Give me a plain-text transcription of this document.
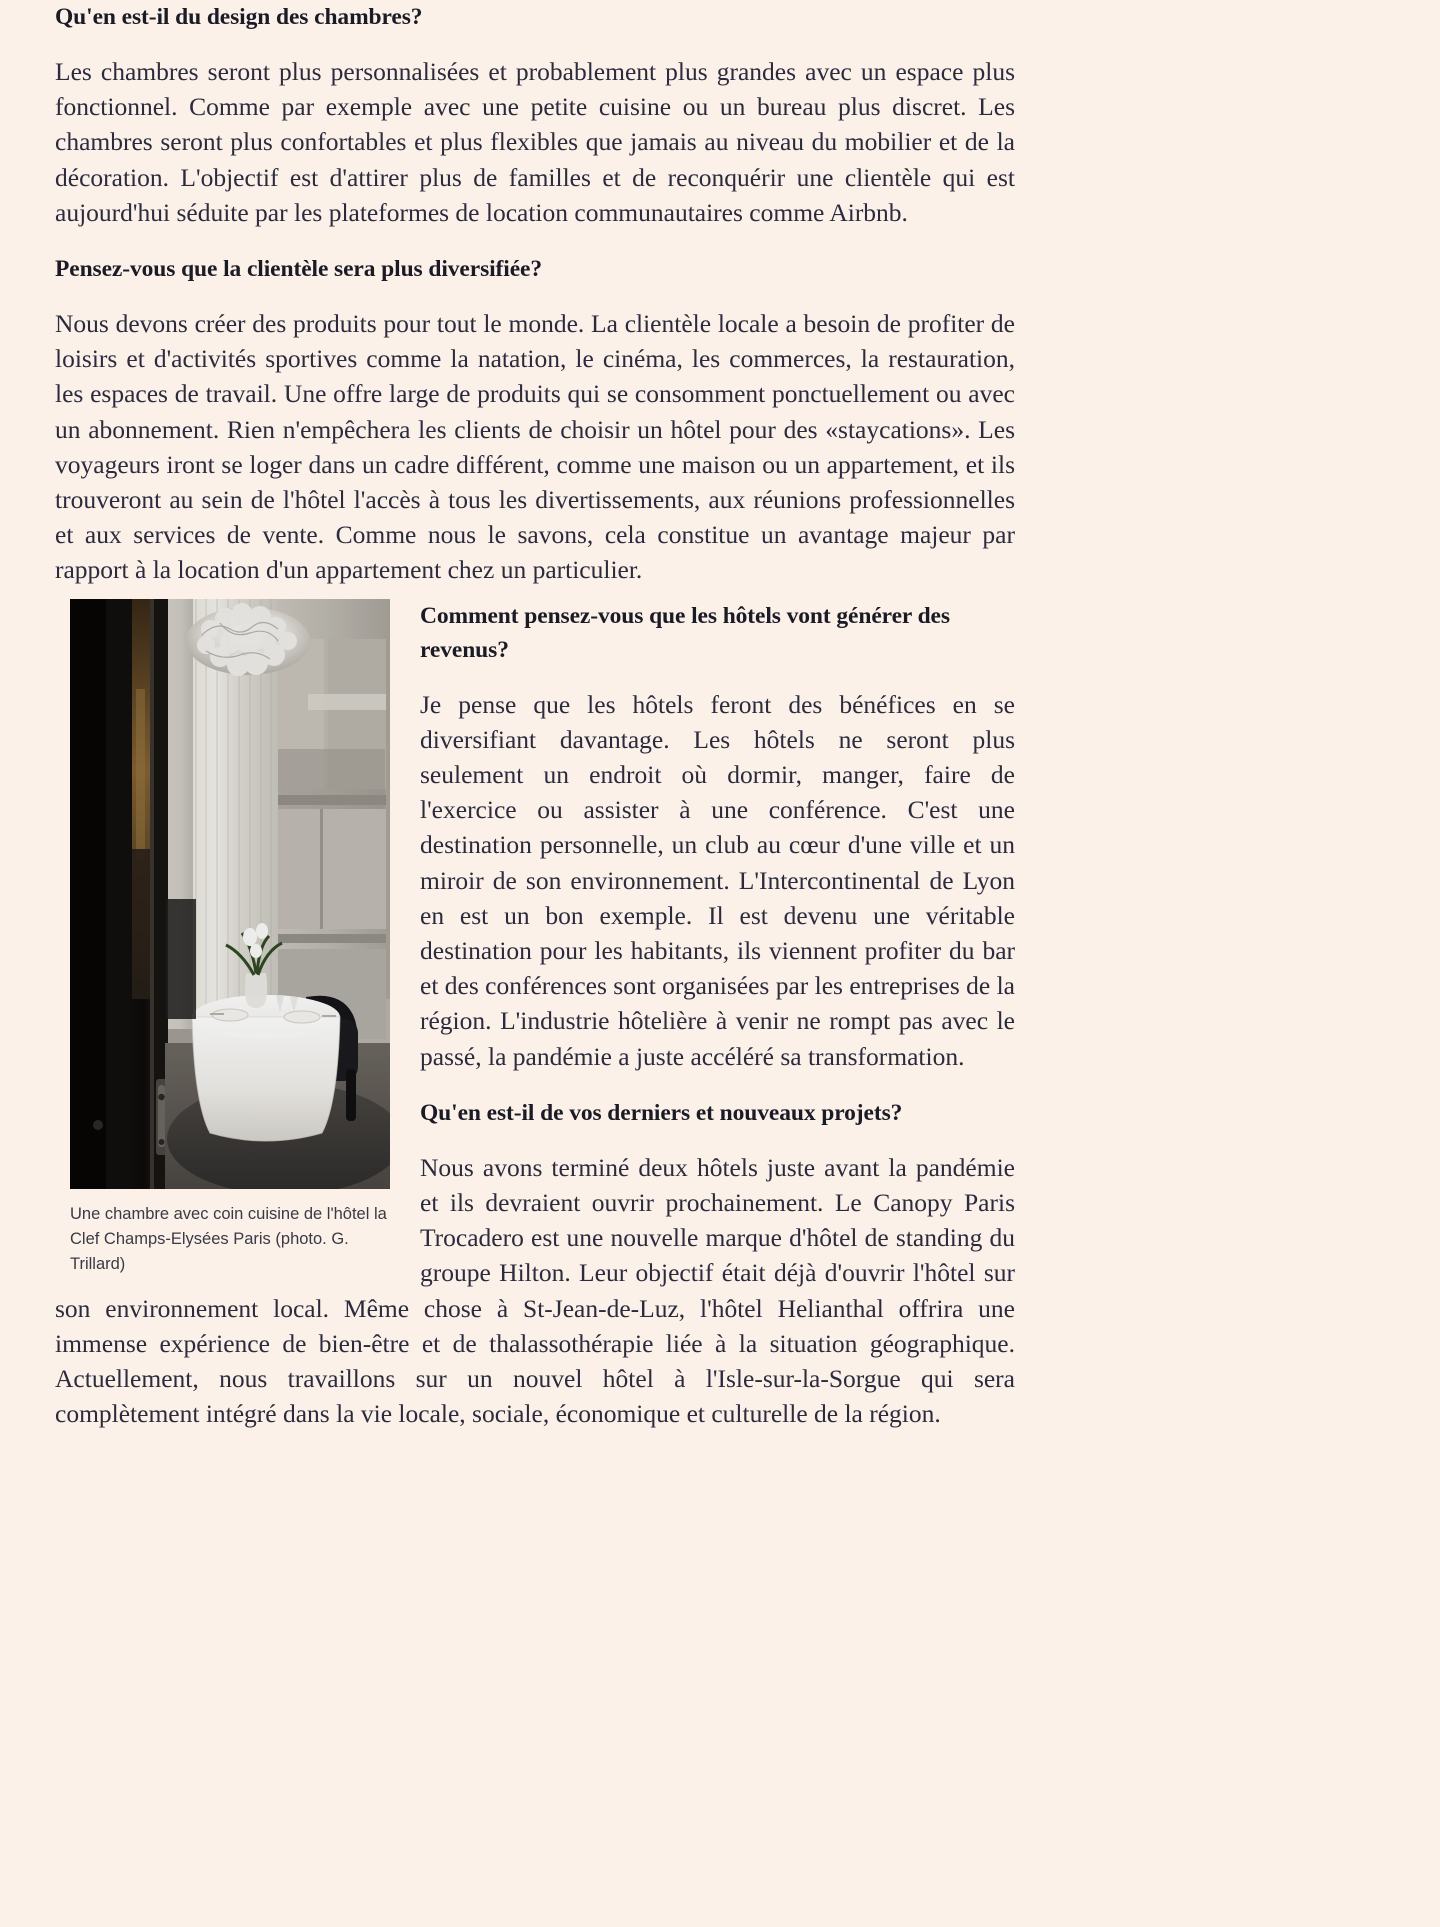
Qu'en est-il du design des chambres?

Les chambres seront plus personnalisées et probablement plus grandes avec un espace plus fonctionnel. Comme par exemple avec une petite cuisine ou un bureau plus discret. Les chambres seront plus confortables et plus flexibles que jamais au niveau du mobilier et de la décoration. L'objectif est d'attirer plus de familles et de reconquérir une clientèle qui est aujourd'hui séduite par les plateformes de location communautaires comme Airbnb.

Pensez-vous que la clientèle sera plus diversifiée?

Nous devons créer des produits pour tout le monde. La clientèle locale a besoin de profiter de loisirs et d'activités sportives comme la natation, le cinéma, les commerces, la restauration, les espaces de travail. Une offre large de produits qui se consomment ponctuellement ou avec un abonnement. Rien n'empêchera les clients de choisir un hôtel pour des «staycations». Les voyageurs iront se loger dans un cadre différent, comme une maison ou un appartement, et ils trouveront au sein de l'hôtel l'accès à tous les divertissements, aux réunions professionnelles et aux services de vente. Comme nous le savons, cela constitue un avantage majeur par rapport à la location d'un appartement chez un particulier.

Une chambre avec coin cuisine de l'hôtel la Clef Champs-Elysées Paris (photo. G. Trillard)
Comment pensez-vous que les hôtels vont générer des revenus?

Je pense que les hôtels feront des bénéfices en se diversifiant davantage. Les hôtels ne seront plus seulement un endroit où dormir, manger, faire de l'exercice ou assister à une conférence. C'est une destination personnelle, un club au cœur d'une ville et un miroir de son environnement. L'Intercontinental de Lyon en est un bon exemple. Il est devenu une véritable destination pour les habitants, ils viennent profiter du bar et des conférences sont organisées par les entreprises de la région. L'industrie hôtelière à venir ne rompt pas avec le passé, la pandémie a juste accéléré sa transformation.

Qu'en est-il de vos derniers et nouveaux projets?

Nous avons terminé deux hôtels juste avant la pandémie et ils devraient ouvrir prochainement. Le Canopy Paris Trocadero est une nouvelle marque d'hôtel de standing du groupe Hilton. Leur objectif était déjà d'ouvrir l'hôtel sur son environnement local. Même chose à St-Jean-de-Luz, l'hôtel Helianthal offrira une immense expérience de bien-être et de thalassothérapie liée à la situation géographique. Actuellement, nous travaillons sur un nouvel hôtel à l'Isle-sur-la-Sorgue qui sera complètement intégré dans la vie locale, sociale, économique et culturelle de la région.
